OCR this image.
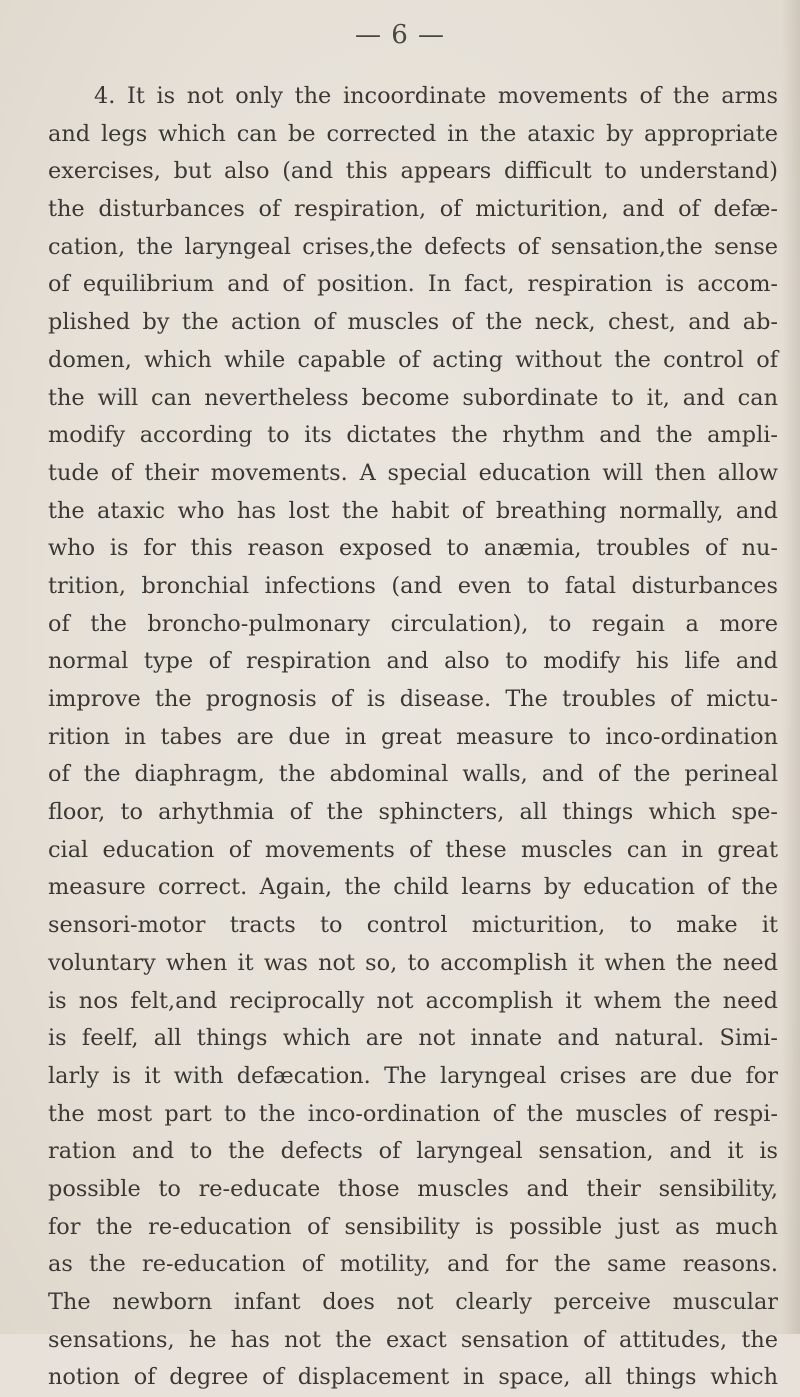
— 6 —
4. It is not only the incoordinate movements of the arms
and legs which can be corrected in the ataxic by appropriate
exercises, but also (and this appears difficult to understand)
the disturbances of respiration, of micturition, and of defæ-
cation, the laryngeal crises,the defects of sensation,the sense
of equilibrium and of position. In fact, respiration is accom-
plished by the action of muscles of the neck, chest, and ab-
domen, which while capable of acting without the control of
the will can nevertheless become subordinate to it, and can
modify according to its dictates the rhythm and the ampli-
tude of their movements. A special education will then allow
the ataxic who has lost the habit of breathing normally, and
who is for this reason exposed to anæmia, troubles of nu-
trition, bronchial infections (and even to fatal disturbances
of the broncho-pulmonary circulation), to regain a more
normal type of respiration and also to modify his life and
improve the prognosis of is disease. The troubles of mictu-
rition in tabes are due in great measure to inco-ordination
of the diaphragm, the abdominal walls, and of the perineal
floor, to arhythmia of the sphincters, all things which spe-
cial education of movements of these muscles can in great
measure correct. Again, the child learns by education of the
sensori-motor tracts to control micturition, to make it
voluntary when it was not so, to accomplish it when the need
is nos felt,and reciprocally not accomplish it whem the need
is feelf, all things which are not innate and natural. Simi-
larly is it with defæcation. The laryngeal crises are due for
the most part to the inco-ordination of the muscles of respi-
ration and to the defects of laryngeal sensation, and it is
possible to re-educate those muscles and their sensibility,
for the re-education of sensibility is possible just as much
as the re-education of motility, and for the same reasons.
The newborn infant does not clearly perceive muscular
sensations, he has not the exact sensation of attitudes, the
notion of degree of displacement in space, all things which
